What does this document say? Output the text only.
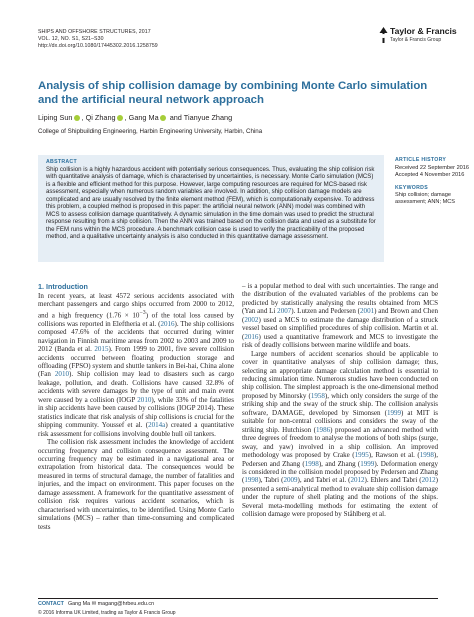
SHIPS AND OFFSHORE STRUCTURES, 2017
VOL. 12, NO. S1, S21–S30
http://dx.doi.org/10.1080/17445302.2016.1258759
Taylor & Francis
Taylor & Francis Group
Analysis of ship collision damage by combining Monte Carlo simulation and the artificial neural network approach
Liping Sun , Qi Zhang , Gang Ma and Tianyue Zhang
College of Shipbuilding Engineering, Harbin Engineering University, Harbin, China
ABSTRACT
Ship collision is a highly hazardous accident with potentially serious consequences. Thus, evaluating the ship collision risk with quantitative analysis of damage, which is characterised by uncertainties, is necessary. Monte Carlo simulation (MCS) is a flexible and efficient method for this purpose. However, large computing resources are required for MCS-based risk assessment, especially when numerous random variables are involved. In addition, ship collision damage models are complicated and are usually resolved by the finite element method (FEM), which is computationally expensive. To address this problem, a coupled method is proposed in this paper: the artificial neural network (ANN) model was combined with MCS to assess collision damage quantitatively. A dynamic simulation in the time domain was used to predict the structural response resulting from a ship collision. Then the ANN was trained based on the collision data and used as a substitute for the FEM runs within the MCS procedure. A benchmark collision case is used to verify the practicability of the proposed method, and a qualitative uncertainty analysis is also conducted in this quantitative damage assessment.
ARTICLE HISTORY
Received 22 September 2016
Accepted 4 November 2016
KEYWORDS
Ship collision; damage assessment; ANN; MCS
1. Introduction

In recent years, at least 4572 serious accidents associated with merchant passengers and cargo ships occurred from 2000 to 2012, and a high frequency $(1.76 \times 10^{-3})$ of the total loss caused by collisions was reported in Eleftheria et al. (2016). The ship collisions composed 47.6% of the accidents that occurred during winter navigation in Finnish maritime areas from 2002 to 2003 and 2009 to 2012 (Banda et al. 2015). From 1999 to 2001, five severe collision accidents occurred between floating production storage and offloading (FPSO) system and shuttle tankers in Bei-hai, China alone (Fan 2010). Ship collision may lead to disasters such as cargo leakage, pollution, and death. Collisions have caused 32.8% of accidents with severe damages by the type of unit and main event were caused by a collision (IOGP 2010), while 33% of the fatalities in ship accidents have been caused by collisions (IOGP 2014). These statistics indicate that risk analysis of ship collisions is crucial for the shipping community. Youssef et al. (2014a) created a quantitative risk assessment for collisions involving double hull oil tankers.

The collision risk assessment includes the knowledge of accident occurring frequency and collision consequence assessment. The occurring frequency may be estimated in a navigational area or extrapolation from historical data. The consequences would be measured in terms of structural damage, the number of fatalities and injuries, and the impact on environment. This paper focuses on the damage assessment. A framework for the quantitative assessment of collision risk requires various accident scenarios, which is characterised with uncertainties, to be identified. Using Monte Carlo simulations (MCS) – rather than time-consuming and complicated tests

– is a popular method to deal with such uncertainties. The range and the distribution of the evaluated variables of the problems can be predicted by statistically analysing the results obtained from MCS (Yan and Li 2007). Lutzen and Pedersen (2001) and Brown and Chen (2002) used a MCS to estimate the damage distribution of a struck vessel based on simplified procedures of ship collision. Martin et al. (2016) used a quantitative framework and MCS to investigate the risk of deadly collisions between marine wildlife and boats.

Large numbers of accident scenarios should be applicable to cover in quantitative analyses of ship collision damage; thus, selecting an appropriate damage calculation method is essential to reducing simulation time. Numerous studies have been conducted on ship collision. The simplest approach is the one-dimensional method proposed by Minorsky (1958), which only considers the surge of the striking ship and the sway of the struck ship. The collision analysis software, DAMAGE, developed by Simonsen (1999) at MIT is suitable for non-central collisions and considers the sway of the striking ship. Hutchison (1986) proposed an advanced method with three degrees of freedom to analyse the motions of both ships (surge, sway, and yaw) involved in a ship collision. An improved methodology was proposed by Crake (1995), Rawson et al. (1998), Pedersen and Zhang (1998), and Zhang (1999). Deformation energy is considered in the collision model proposed by Pedersen and Zhang (1998), Tabri (2009), and Tabri et al. (2012). Ehlers and Tabri (2012) presented a semi-analytical method to evaluate ship collision damage under the rupture of shell plating and the motions of the ships. Several meta-modelling methods for estimating the extent of collision damage were proposed by Ståhlberg et al.

CONTACT Gang Ma ✉ magang@hrbeu.edu.cn
© 2016 Informa UK Limited, trading as Taylor & Francis Group
